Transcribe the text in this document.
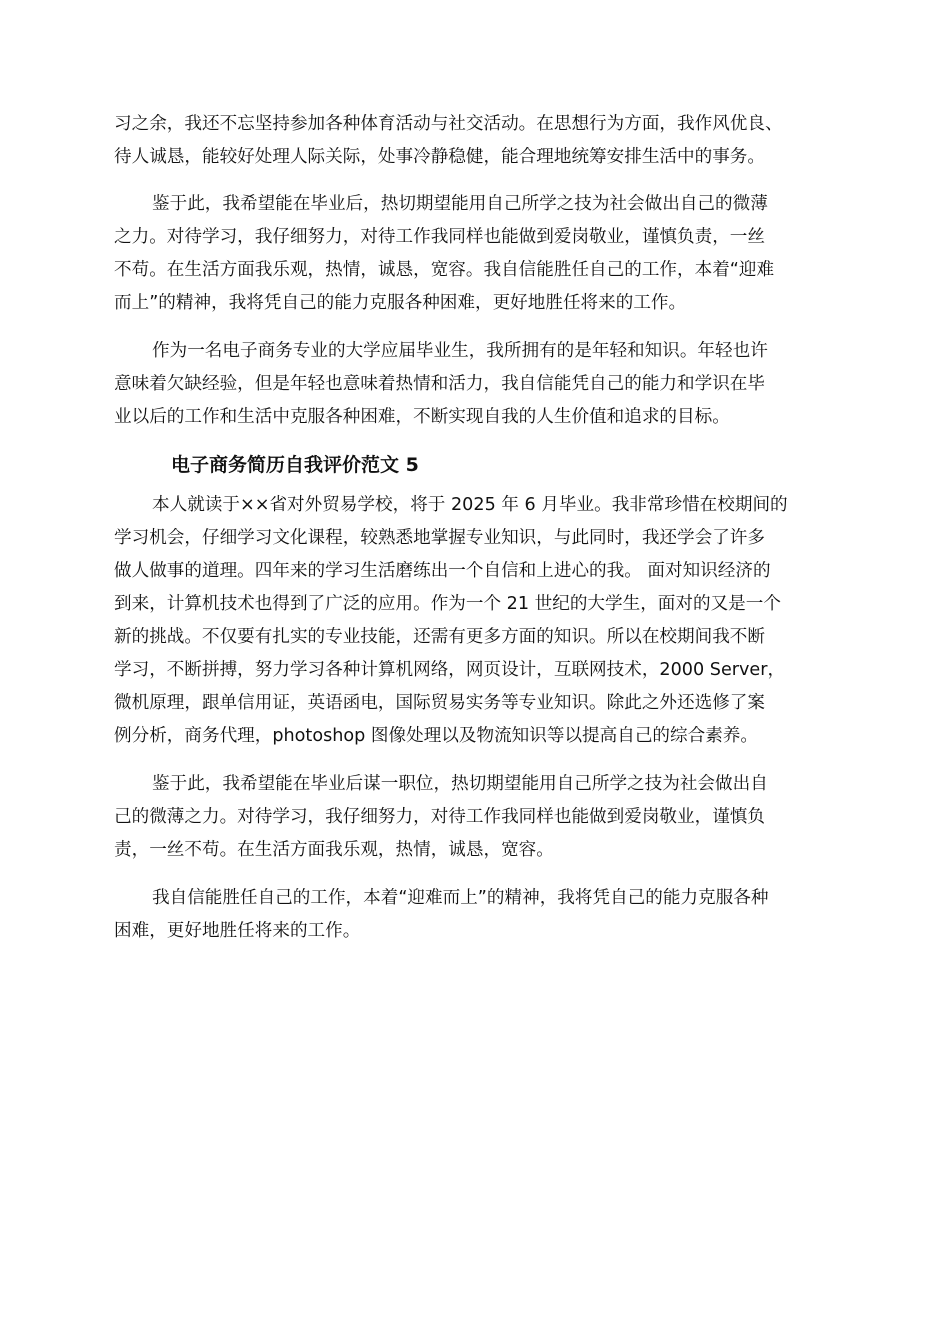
习之余，我还不忘坚持参加各种体育活动与社交活动。在思想行为方面，我作风优良、
待人诚恳，能较好处理人际关际，处事冷静稳健，能合理地统筹安排生活中的事务。
鉴于此，我希望能在毕业后，热切期望能用自己所学之技为社会做出自己的微薄
之力。对待学习，我仔细努力，对待工作我同样也能做到爱岗敬业，谨慎负责，一丝
不苟。在生活方面我乐观，热情，诚恳，宽容。我自信能胜任自己的工作，本着“迎难
而上”的精神，我将凭自己的能力克服各种困难，更好地胜任将来的工作。
作为一名电子商务专业的大学应届毕业生，我所拥有的是年轻和知识。年轻也许
意味着欠缺经验，但是年轻也意味着热情和活力，我自信能凭自己的能力和学识在毕
业以后的工作和生活中克服各种困难，不断实现自我的人生价值和追求的目标。
电子商务简历自我评价范文 5
本人就读于××省对外贸易学校，将于 2025 年 6 月毕业。我非常珍惜在校期间的
学习机会，仔细学习文化课程，较熟悉地掌握专业知识，与此同时，我还学会了许多
做人做事的道理。四年来的学习生活磨练出一个自信和上进心的我。 面对知识经济的
到来，计算机技术也得到了广泛的应用。作为一个 21 世纪的大学生，面对的又是一个
新的挑战。不仅要有扎实的专业技能，还需有更多方面的知识。所以在校期间我不断
学习，不断拼搏，努力学习各种计算机网络，网页设计，互联网技术，2000 Server，
微机原理，跟单信用证，英语函电，国际贸易实务等专业知识。除此之外还选修了案
例分析，商务代理，photoshop 图像处理以及物流知识等以提高自己的综合素养。
鉴于此，我希望能在毕业后谋一职位，热切期望能用自己所学之技为社会做出自
己的微薄之力。对待学习，我仔细努力，对待工作我同样也能做到爱岗敬业，谨慎负
责，一丝不苟。在生活方面我乐观，热情，诚恳，宽容。
我自信能胜任自己的工作，本着“迎难而上”的精神，我将凭自己的能力克服各种
困难，更好地胜任将来的工作。
